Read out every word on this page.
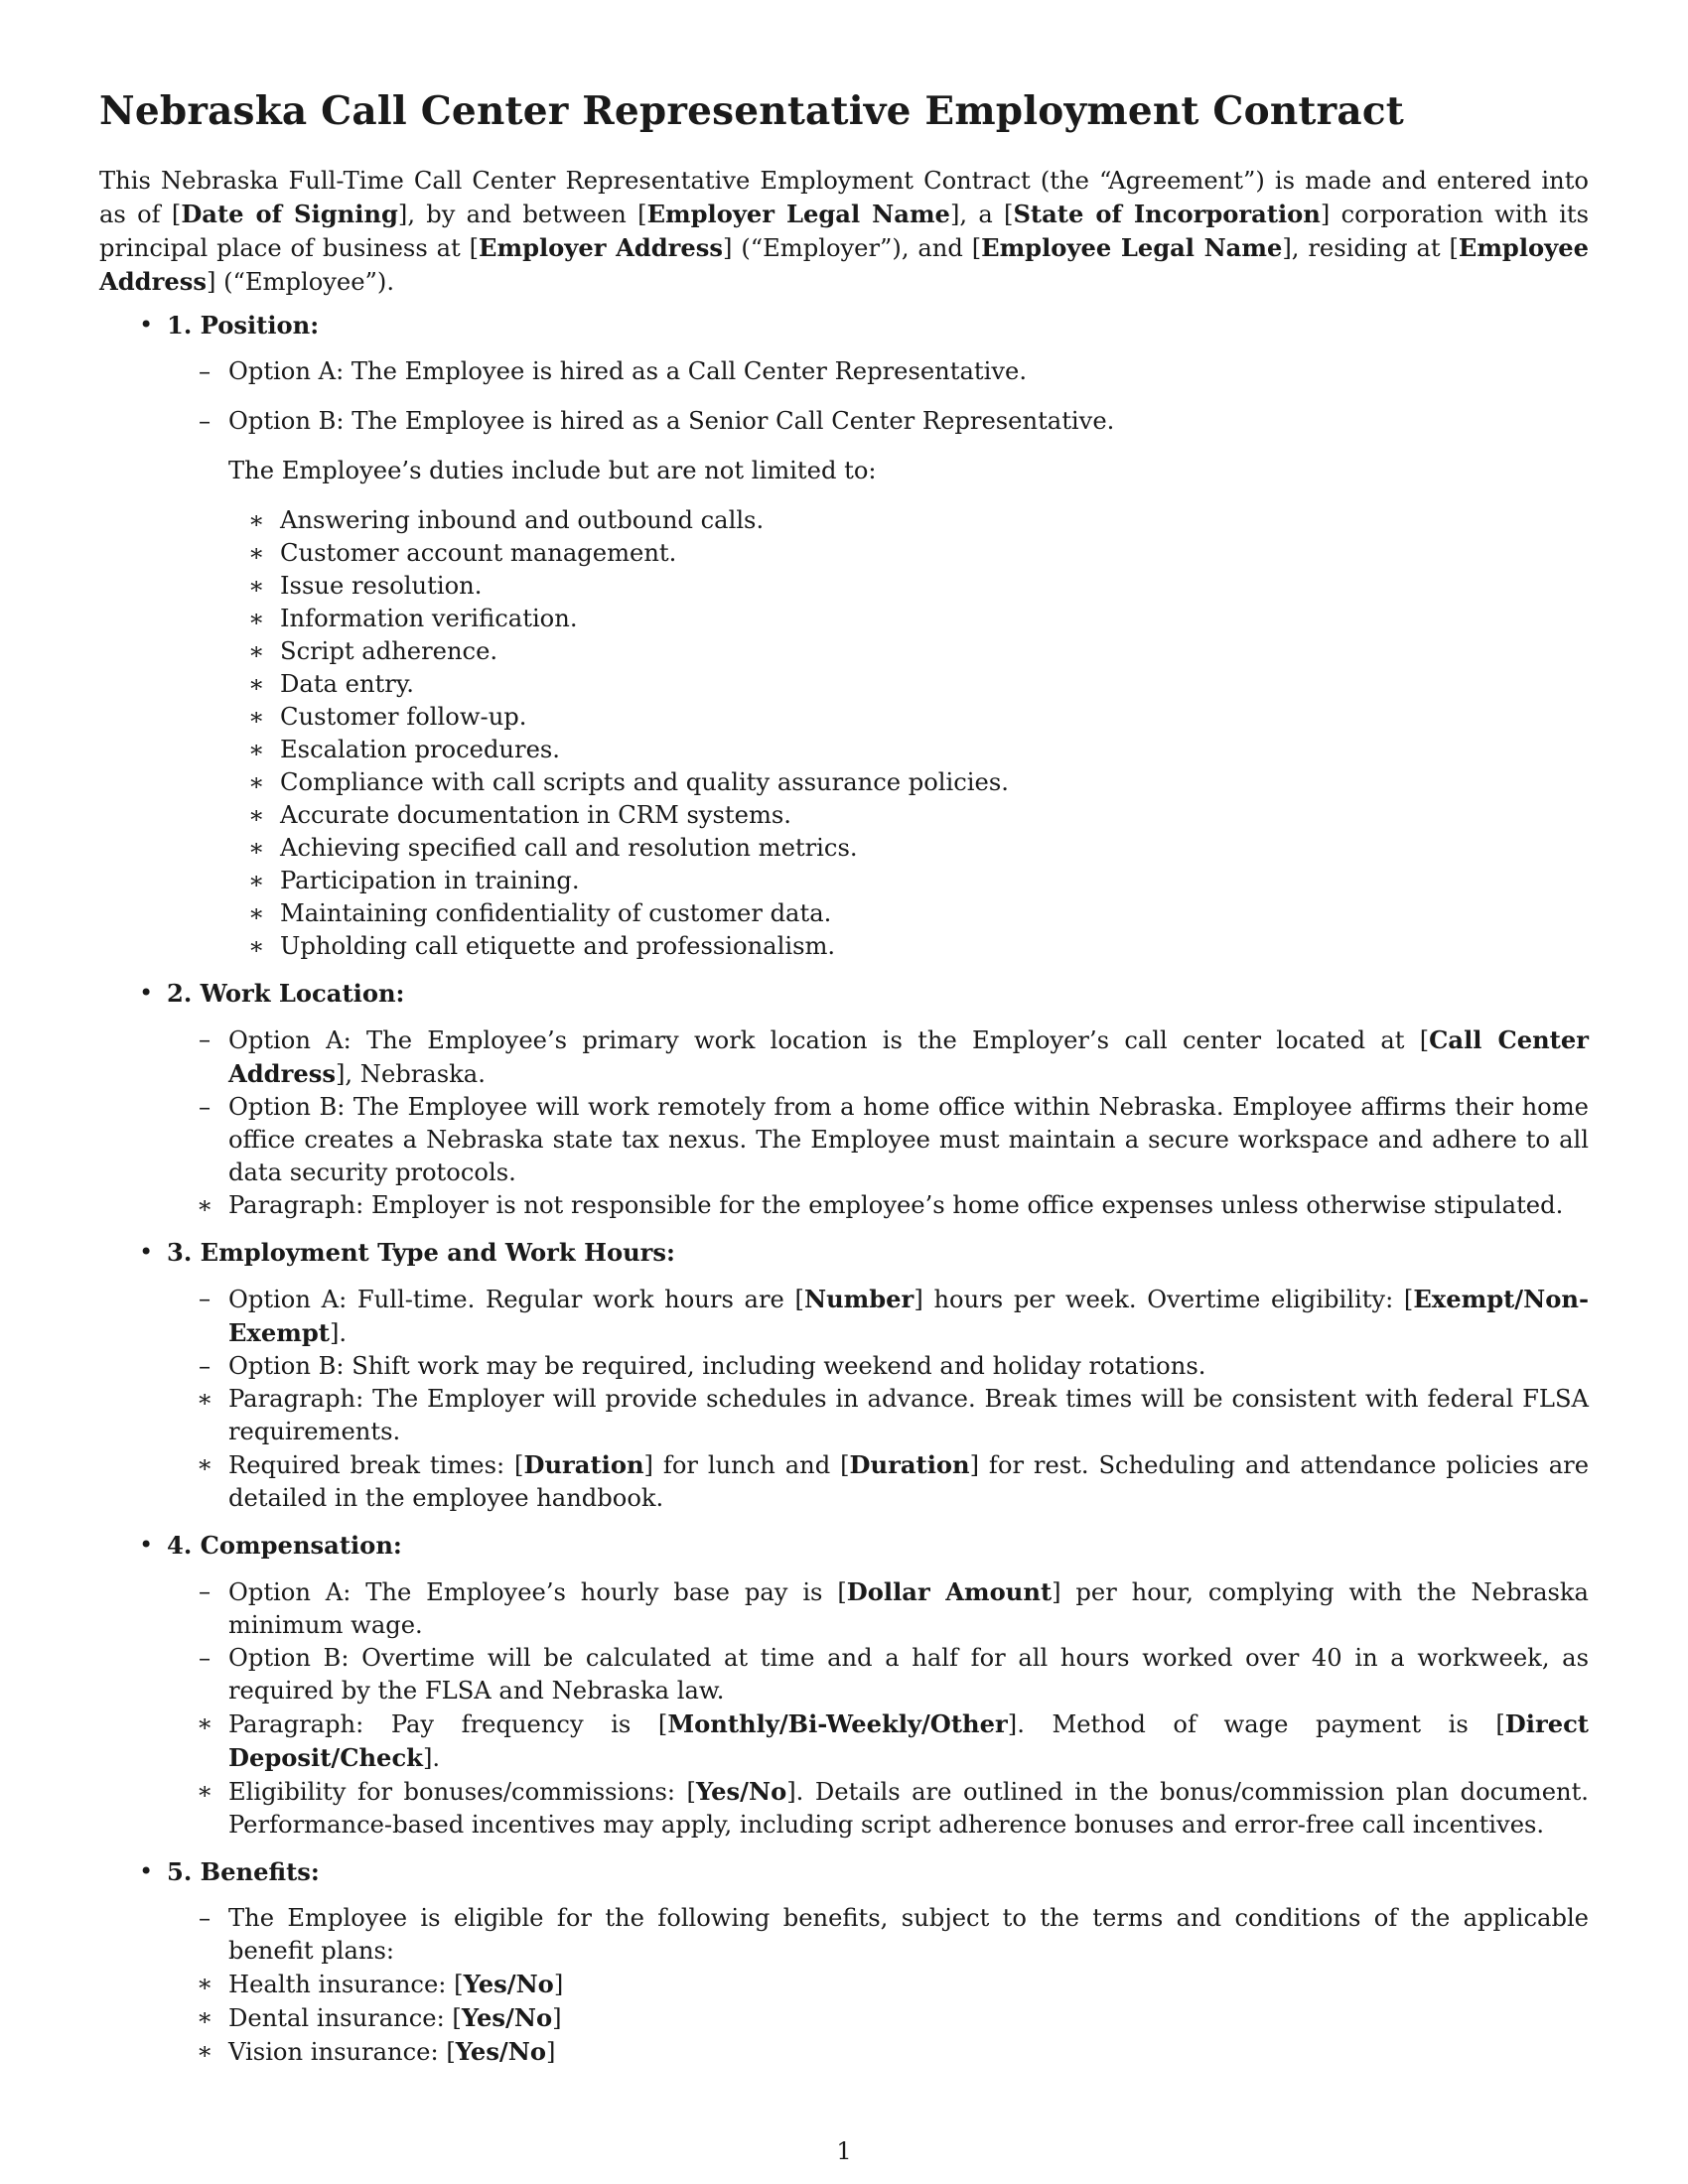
Nebraska Call Center Representative Employment Contract

This Nebraska Full-Time Call Center Representative Employment Contract (the “Agreement”) is made and entered into as of [Date of Signing], by and between [Employer Legal Name], a [State of Incorporation] corporation with its principal place of business at [Employer Address] (“Employer”), and [Employee Legal Name], residing at [Employee Address] (“Employee”).

• 1. Position:
– Option A: The Employee is hired as a Call Center Representative.
– Option B: The Employee is hired as a Senior Call Center Representative.
The Employee’s duties include but are not limited to:
∗ Answering inbound and outbound calls.
∗ Customer account management.
∗ Issue resolution.
∗ Information verification.
∗ Script adherence.
∗ Data entry.
∗ Customer follow-up.
∗ Escalation procedures.
∗ Compliance with call scripts and quality assurance policies.
∗ Accurate documentation in CRM systems.
∗ Achieving specified call and resolution metrics.
∗ Participation in training.
∗ Maintaining confidentiality of customer data.
∗ Upholding call etiquette and professionalism.
• 2. Work Location:
– Option A: The Employee’s primary work location is the Employer’s call center located at [Call Center Address], Nebraska.
– Option B: The Employee will work remotely from a home office within Nebraska. Employee affirms their home office creates a Nebraska state tax nexus. The Employee must maintain a secure workspace and adhere to all data security protocols.
∗ Paragraph: Employer is not responsible for the employee’s home office expenses unless otherwise stipulated.
• 3. Employment Type and Work Hours:
– Option A: Full-time. Regular work hours are [Number] hours per week. Overtime eligibility: [Exempt/Non-Exempt].
– Option B: Shift work may be required, including weekend and holiday rotations.
∗ Paragraph: The Employer will provide schedules in advance. Break times will be consistent with federal FLSA requirements.
∗ Required break times: [Duration] for lunch and [Duration] for rest. Scheduling and attendance policies are detailed in the employee handbook.
• 4. Compensation:
– Option A: The Employee’s hourly base pay is [Dollar Amount] per hour, complying with the Nebraska minimum wage.
– Option B: Overtime will be calculated at time and a half for all hours worked over 40 in a workweek, as required by the FLSA and Nebraska law.
∗ Paragraph: Pay frequency is [Monthly/Bi-Weekly/Other]. Method of wage payment is [Direct Deposit/Check].
∗ Eligibility for bonuses/commissions: [Yes/No]. Details are outlined in the bonus/commission plan document. Performance-based incentives may apply, including script adherence bonuses and error-free call incentives.
• 5. Benefits:
– The Employee is eligible for the following benefits, subject to the terms and conditions of the applicable benefit plans:
∗ Health insurance: [Yes/No]
∗ Dental insurance: [Yes/No]
∗ Vision insurance: [Yes/No]
1
